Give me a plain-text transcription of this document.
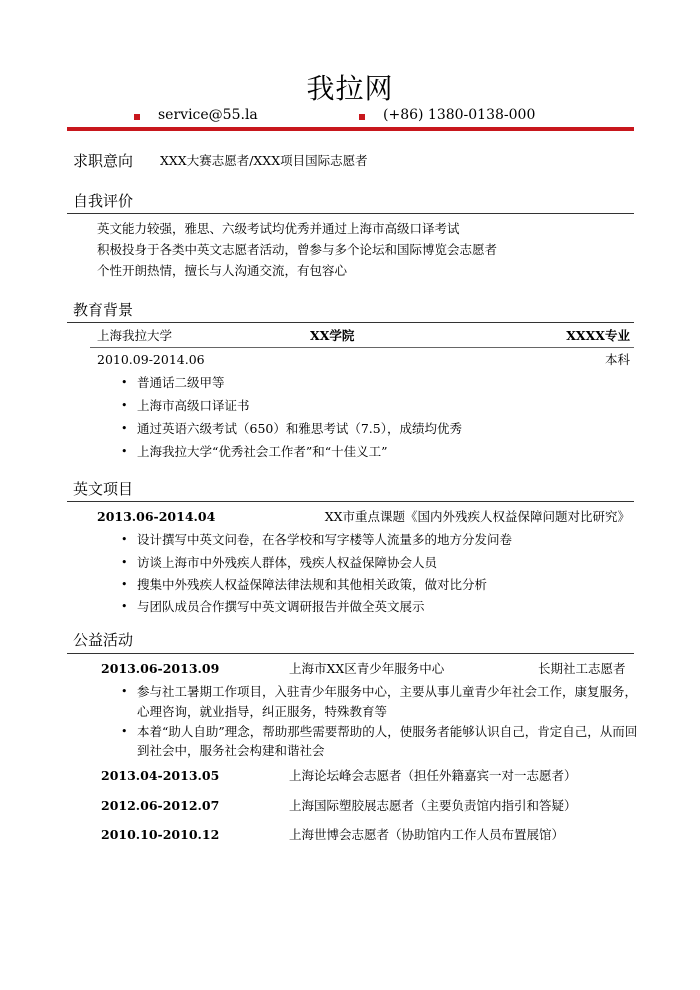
我拉网
service@55.la	(+86) 1380-0138-000
求职意向 XXX大赛志愿者/XXX项目国际志愿者
自我评价
英文能力较强，雅思、六级考试均优秀并通过上海市高级口译考试
积极投身于各类中英文志愿者活动，曾参与多个论坛和国际博览会志愿者
个性开朗热情，擅长与人沟通交流，有包容心
教育背景
上海我拉大学	XX学院	XXXX专业
2010.09-2014.06	本科
• 普通话二级甲等
• 上海市高级口译证书
• 通过英语六级考试（650）和雅思考试（7.5），成绩均优秀
• 上海我拉大学“优秀社会工作者”和“十佳义工”
英文项目
2013.06-2014.04	XX市重点课题《国内外残疾人权益保障问题对比研究》
• 设计撰写中英文问卷，在各学校和写字楼等人流量多的地方分发问卷
• 访谈上海市中外残疾人群体，残疾人权益保障协会人员
• 搜集中外残疾人权益保障法律法规和其他相关政策，做对比分析
• 与团队成员合作撰写中英文调研报告并做全英文展示
公益活动
2013.06-2013.09	上海市XX区青少年服务中心	长期社工志愿者
• 参与社工暑期工作项目，入驻青少年服务中心，主要从事儿童青少年社会工作，康复服务，
心理咨询，就业指导，纠正服务，特殊教育等
• 本着“助人自助”理念，帮助那些需要帮助的人，使服务者能够认识自己，肯定自己，从而回
到社会中，服务社会构建和谐社会
2013.04-2013.05	上海论坛峰会志愿者（担任外籍嘉宾一对一志愿者）
2012.06-2012.07	上海国际塑胶展志愿者（主要负责馆内指引和答疑）
2010.10-2010.12	上海世博会志愿者（协助馆内工作人员布置展馆）
